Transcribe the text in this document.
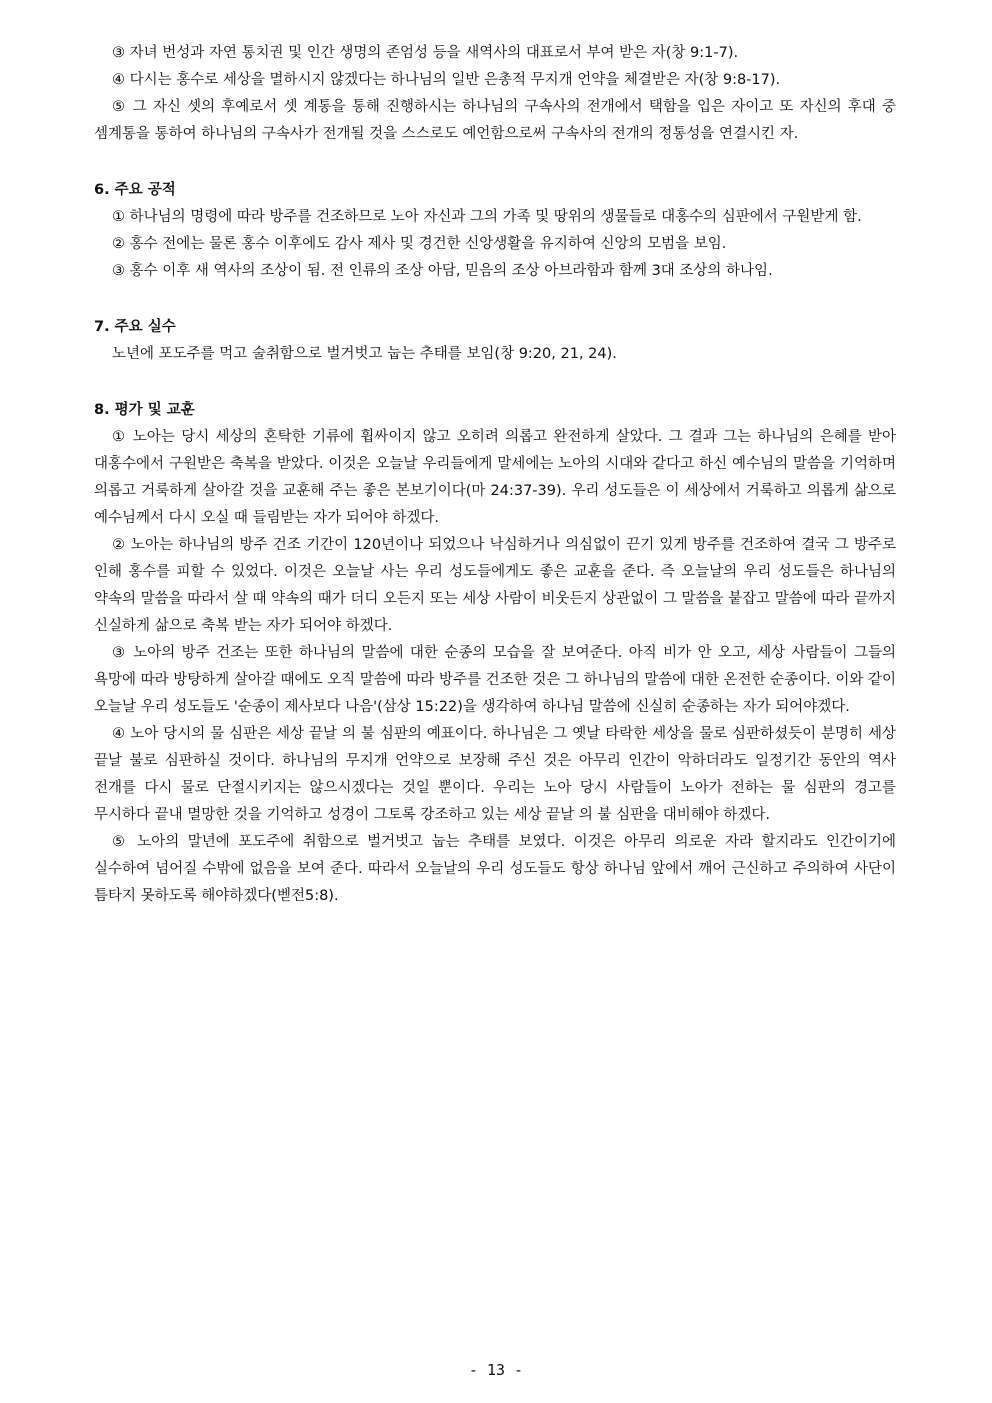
③ 자녀 번성과 자연 통치권 및 인간 생명의 존엄성 등을 새역사의 대표로서 부여 받은 자(창 9:1-7).

④ 다시는 홍수로 세상을 멸하시지 않겠다는 하나님의 일반 은총적 무지개 언약을 체결받은 자(창 9:8-17).

⑤ 그 자신 셋의 후예로서 셋 계통을 통해 진행하시는 하나님의 구속사의 전개에서 택함을 입은 자이고 또 자신의 후대 중 셈계통을 통하여 하나님의 구속사가 전개될 것을 스스로도 예언함으로써 구속사의 전개의 정통성을 연결시킨 자.

6. 주요 공적

① 하나님의 명령에 따라 방주를 건조하므로 노아 자신과 그의 가족 및 땅위의 생물들로 대홍수의 심판에서 구원받게 함.

② 홍수 전에는 물론 홍수 이후에도 감사 제사 및 경건한 신앙생활을 유지하여 신앙의 모범을 보임.

③ 홍수 이후 새 역사의 조상이 됨. 전 인류의 조상 아담, 믿음의 조상 아브라함과 함께 3대 조상의 하나임.

7. 주요 실수

노년에 포도주를 먹고 술취함으로 벌거벗고 눕는 추태를 보임(창 9:20, 21, 24).

8. 평가 및 교훈

① 노아는 당시 세상의 혼탁한 기류에 휩싸이지 않고 오히려 의롭고 완전하게 살았다. 그 결과 그는 하나님의 은혜를 받아 대홍수에서 구원받은 축복을 받았다. 이것은 오늘날 우리들에게 말세에는 노아의 시대와 같다고 하신 예수님의 말씀을 기억하며 의롭고 거룩하게 살아갈 것을 교훈해 주는 좋은 본보기이다(마 24:37-39). 우리 성도들은 이 세상에서 거룩하고 의롭게 삶으로 예수님께서 다시 오실 때 들림받는 자가 되어야 하겠다.

② 노아는 하나님의 방주 건조 기간이 120년이나 되었으나 낙심하거나 의심없이 끈기 있게 방주를 건조하여 결국 그 방주로 인해 홍수를 피할 수 있었다. 이것은 오늘날 사는 우리 성도들에게도 좋은 교훈을 준다. 즉 오늘날의 우리 성도들은 하나님의 약속의 말씀을 따라서 살 때 약속의 때가 더디 오든지 또는 세상 사람이 비웃든지 상관없이 그 말씀을 붙잡고 말씀에 따라 끝까지 신실하게 삶으로 축복 받는 자가 되어야 하겠다.

③ 노아의 방주 건조는 또한 하나님의 말씀에 대한 순종의 모습을 잘 보여준다. 아직 비가 안 오고, 세상 사람들이 그들의 욕망에 따라 방탕하게 살아갈 때에도 오직 말씀에 따라 방주를 건조한 것은 그 하나님의 말씀에 대한 온전한 순종이다. 이와 같이 오늘날 우리 성도들도 '순종이 제사보다 나음'(삼상 15:22)을 생각하여 하나님 말씀에 신실히 순종하는 자가 되어야겠다.

④ 노아 당시의 물 심판은 세상 끝날 의 불 심판의 예표이다. 하나님은 그 옛날 타락한 세상을 물로 심판하셨듯이 분명히 세상 끝날 불로 심판하실 것이다. 하나님의 무지개 언약으로 보장해 주신 것은 아무리 인간이 악하더라도 일정기간 동안의 역사 전개를 다시 물로 단절시키지는 않으시겠다는 것일 뿐이다. 우리는 노아 당시 사람들이 노아가 전하는 물 심판의 경고를 무시하다 끝내 멸망한 것을 기억하고 성경이 그토록 강조하고 있는 세상 끝날 의 불 심판을 대비해야 하겠다.

⑤ 노아의 말년에 포도주에 취함으로 벌거벗고 눕는 추태를 보였다. 이것은 아무리 의로운 자라 할지라도 인간이기에 실수하여 넘어질 수밖에 없음을 보여 준다. 따라서 오늘날의 우리 성도들도 항상 하나님 앞에서 깨어 근신하고 주의하여 사단이 틈타지 못하도록 해야하겠다(벧전5:8).

- 13 -
